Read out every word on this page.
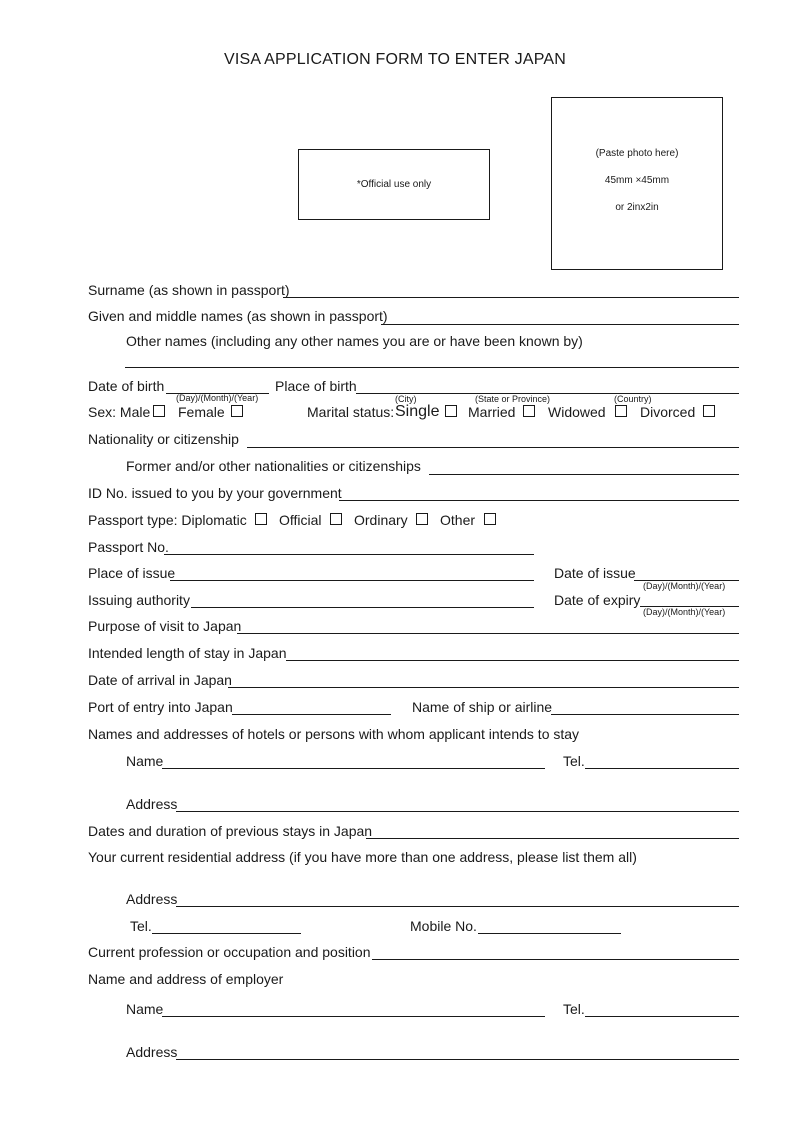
VISA APPLICATION FORM TO ENTER JAPAN
*Official use only
(Paste photo here)
45mm ×45mm
or 2inx2in
Surname (as shown in passport)
Given and middle names (as shown in passport)
Other names (including any other names you are or have been known by)
Date of birth
(Day)/(Month)/(Year)
Place of birth
(City)	(State or Province)	(Country)
Sex: Male Female	Marital status: Single Married Widowed Divorced
Nationality or citizenship
Former and/or other nationalities or citizenships
ID No. issued to you by your government
Passport type: Diplomatic Official Ordinary Other
Passport No.
Place of issue	Date of issue
(Day)/(Month)/(Year)
Issuing authority	Date of expiry
(Day)/(Month)/(Year)
Purpose of visit to Japan
Intended length of stay in Japan
Date of arrival in Japan
Port of entry into Japan	Name of ship or airline
Names and addresses of hotels or persons with whom applicant intends to stay
Name	Tel.
Address
Dates and duration of previous stays in Japan
Your current residential address (if you have more than one address, please list them all)
Address
Tel.	Mobile No.
Current profession or occupation and position
Name and address of employer
Name	Tel.
Address
